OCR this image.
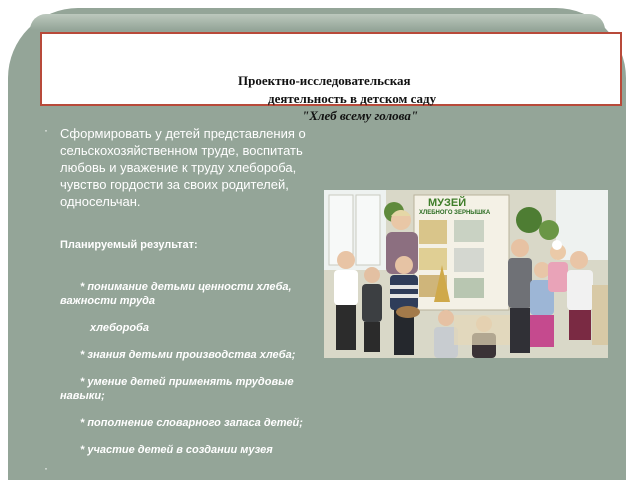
Проектно-исследовательская
деятельность в детском саду
"Хлеб всему голова"
· Сформировать у детей представления о сельскохозяйственном труде, воспитать любовь и уважение к труду хлебороба, чувство гордости за своих родителей, односельчан.
Планируемый результат:
* понимание детьми ценности хлеба, важности труда
хлебороба
* знания детьми производства хлеба;
* умение детей применять трудовые навыки;
* пополнение словарного запаса детей;
* участие детей в создании музея
·
МУЗЕЙ
ХЛЕБНОГО ЗЕРНЫШКА
